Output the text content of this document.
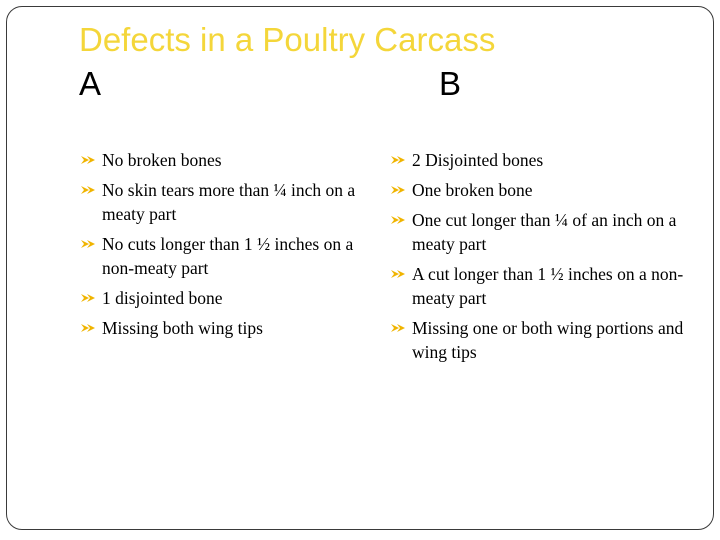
Defects in a Poultry Carcass
A	B
No broken bones
No skin tears more than ¼ inch on a meaty part
No cuts longer than 1 ½ inches on a non-meaty part
1 disjointed bone
Missing both wing tips
2 Disjointed bones
One broken bone
One cut longer than ¼ of an inch on a meaty part
A cut longer than 1 ½ inches on a non-meaty part
Missing one or both wing portions and wing tips
